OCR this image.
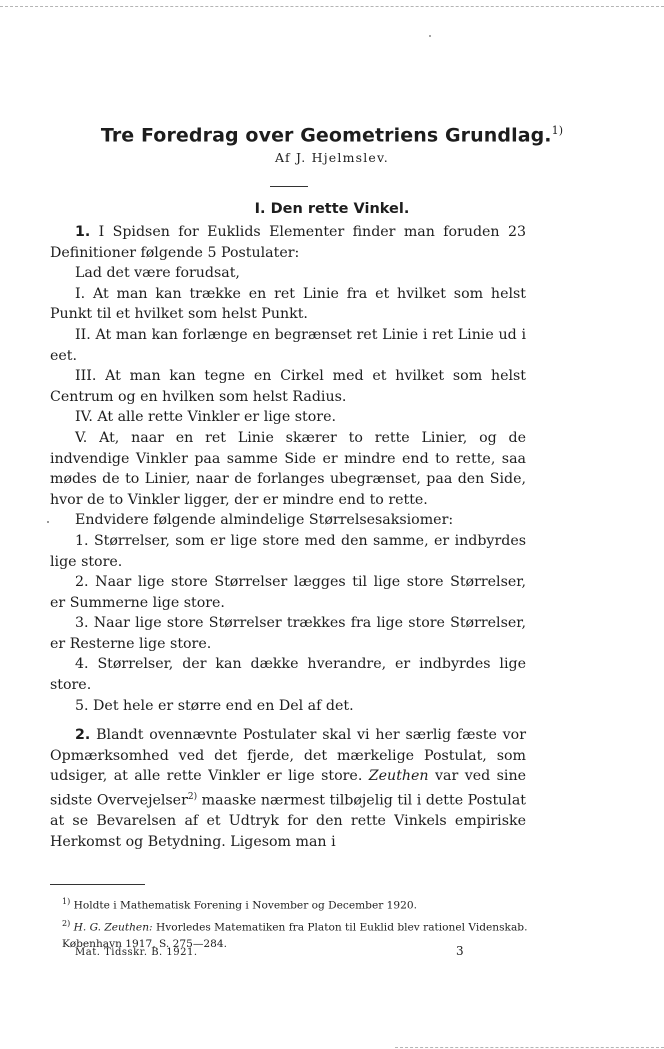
Tre Foredrag over Geometriens Grundlag.$^{1)}$
Af J. Hjelmslev.
I. Den rette Vinkel.

1. I Spidsen for Euklids Elementer finder man foruden 23 Definitioner følgende 5 Postulater:

Lad det være forudsat,

I. At man kan trække en ret Linie fra et hvilket som helst Punkt til et hvilket som helst Punkt.

II. At man kan forlænge en begrænset ret Linie i ret Linie ud i eet.

III. At man kan tegne en Cirkel med et hvilket som helst Centrum og en hvilken som helst Radius.

IV. At alle rette Vinkler er lige store.

V. At, naar en ret Linie skærer to rette Linier, og de indvendige Vinkler paa samme Side er mindre end to rette, saa mødes de to Linier, naar de forlanges ubegrænset, paa den Side, hvor de to Vinkler ligger, der er mindre end to rette.

Endvidere følgende almindelige Størrelsesaksiomer:

1. Størrelser, som er lige store med den samme, er indbyrdes lige store.

2. Naar lige store Størrelser lægges til lige store Størrelser, er Summerne lige store.

3. Naar lige store Størrelser trækkes fra lige store Størrelser, er Resterne lige store.

4. Størrelser, der kan dække hverandre, er indbyrdes lige store.

5. Det hele er større end en Del af det.

2. Blandt ovennævnte Postulater skal vi her særlig fæste vor Opmærksomhed ved det fjerde, det mærkelige Postulat, som udsiger, at alle rette Vinkler er lige store. Zeuthen var ved sine sidste Overvejelser$^{2)}$ maaske nærmest tilbøjelig til i dette Postulat at se Bevarelsen af et Udtryk for den rette Vinkels empiriske Herkomst og Betydning. Ligesom man i

$^{1)}$ Holdte i Mathematisk Forening i November og December 1920.

$^{2)}$ H. G. Zeuthen: Hvorledes Matematiken fra Platon til Euklid blev rationel Videnskab. København 1917, S. 275—284.

Mat. Tidsskr. B. 1921.	3
